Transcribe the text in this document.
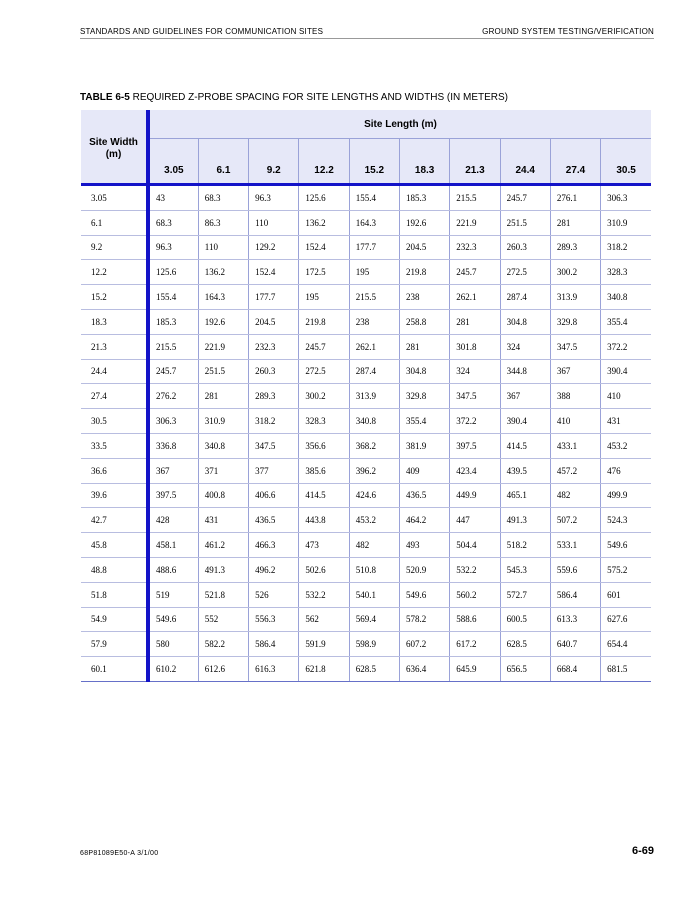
STANDARDS AND GUIDELINES FOR COMMUNICATION SITES	GROUND SYSTEM TESTING/VERIFICATION
TABLE 6-5 REQUIRED Z-PROBE SPACING FOR SITE LENGTHS AND WIDTHS (IN METERS)
Site Width
(m)	Site Length (m)									
	3.05	6.1	9.2	12.2	15.2	18.3	21.3	24.4	27.4	30.5
3.05	43	68.3	96.3	125.6	155.4	185.3	215.5	245.7	276.1	306.3
6.1	68.3	86.3	110	136.2	164.3	192.6	221.9	251.5	281	310.9
9.2	96.3	110	129.2	152.4	177.7	204.5	232.3	260.3	289.3	318.2
12.2	125.6	136.2	152.4	172.5	195	219.8	245.7	272.5	300.2	328.3
15.2	155.4	164.3	177.7	195	215.5	238	262.1	287.4	313.9	340.8
18.3	185.3	192.6	204.5	219.8	238	258.8	281	304.8	329.8	355.4
21.3	215.5	221.9	232.3	245.7	262.1	281	301.8	324	347.5	372.2
24.4	245.7	251.5	260.3	272.5	287.4	304.8	324	344.8	367	390.4
27.4	276.2	281	289.3	300.2	313.9	329.8	347.5	367	388	410
30.5	306.3	310.9	318.2	328.3	340.8	355.4	372.2	390.4	410	431
33.5	336.8	340.8	347.5	356.6	368.2	381.9	397.5	414.5	433.1	453.2
36.6	367	371	377	385.6	396.2	409	423.4	439.5	457.2	476
39.6	397.5	400.8	406.6	414.5	424.6	436.5	449.9	465.1	482	499.9
42.7	428	431	436.5	443.8	453.2	464.2	447	491.3	507.2	524.3
45.8	458.1	461.2	466.3	473	482	493	504.4	518.2	533.1	549.6
48.8	488.6	491.3	496.2	502.6	510.8	520.9	532.2	545.3	559.6	575.2
51.8	519	521.8	526	532.2	540.1	549.6	560.2	572.7	586.4	601
54.9	549.6	552	556.3	562	569.4	578.2	588.6	600.5	613.3	627.6
57.9	580	582.2	586.4	591.9	598.9	607.2	617.2	628.5	640.7	654.4
60.1	610.2	612.6	616.3	621.8	628.5	636.4	645.9	656.5	668.4	681.5
68P81089E50-A 3/1/00	6-69
